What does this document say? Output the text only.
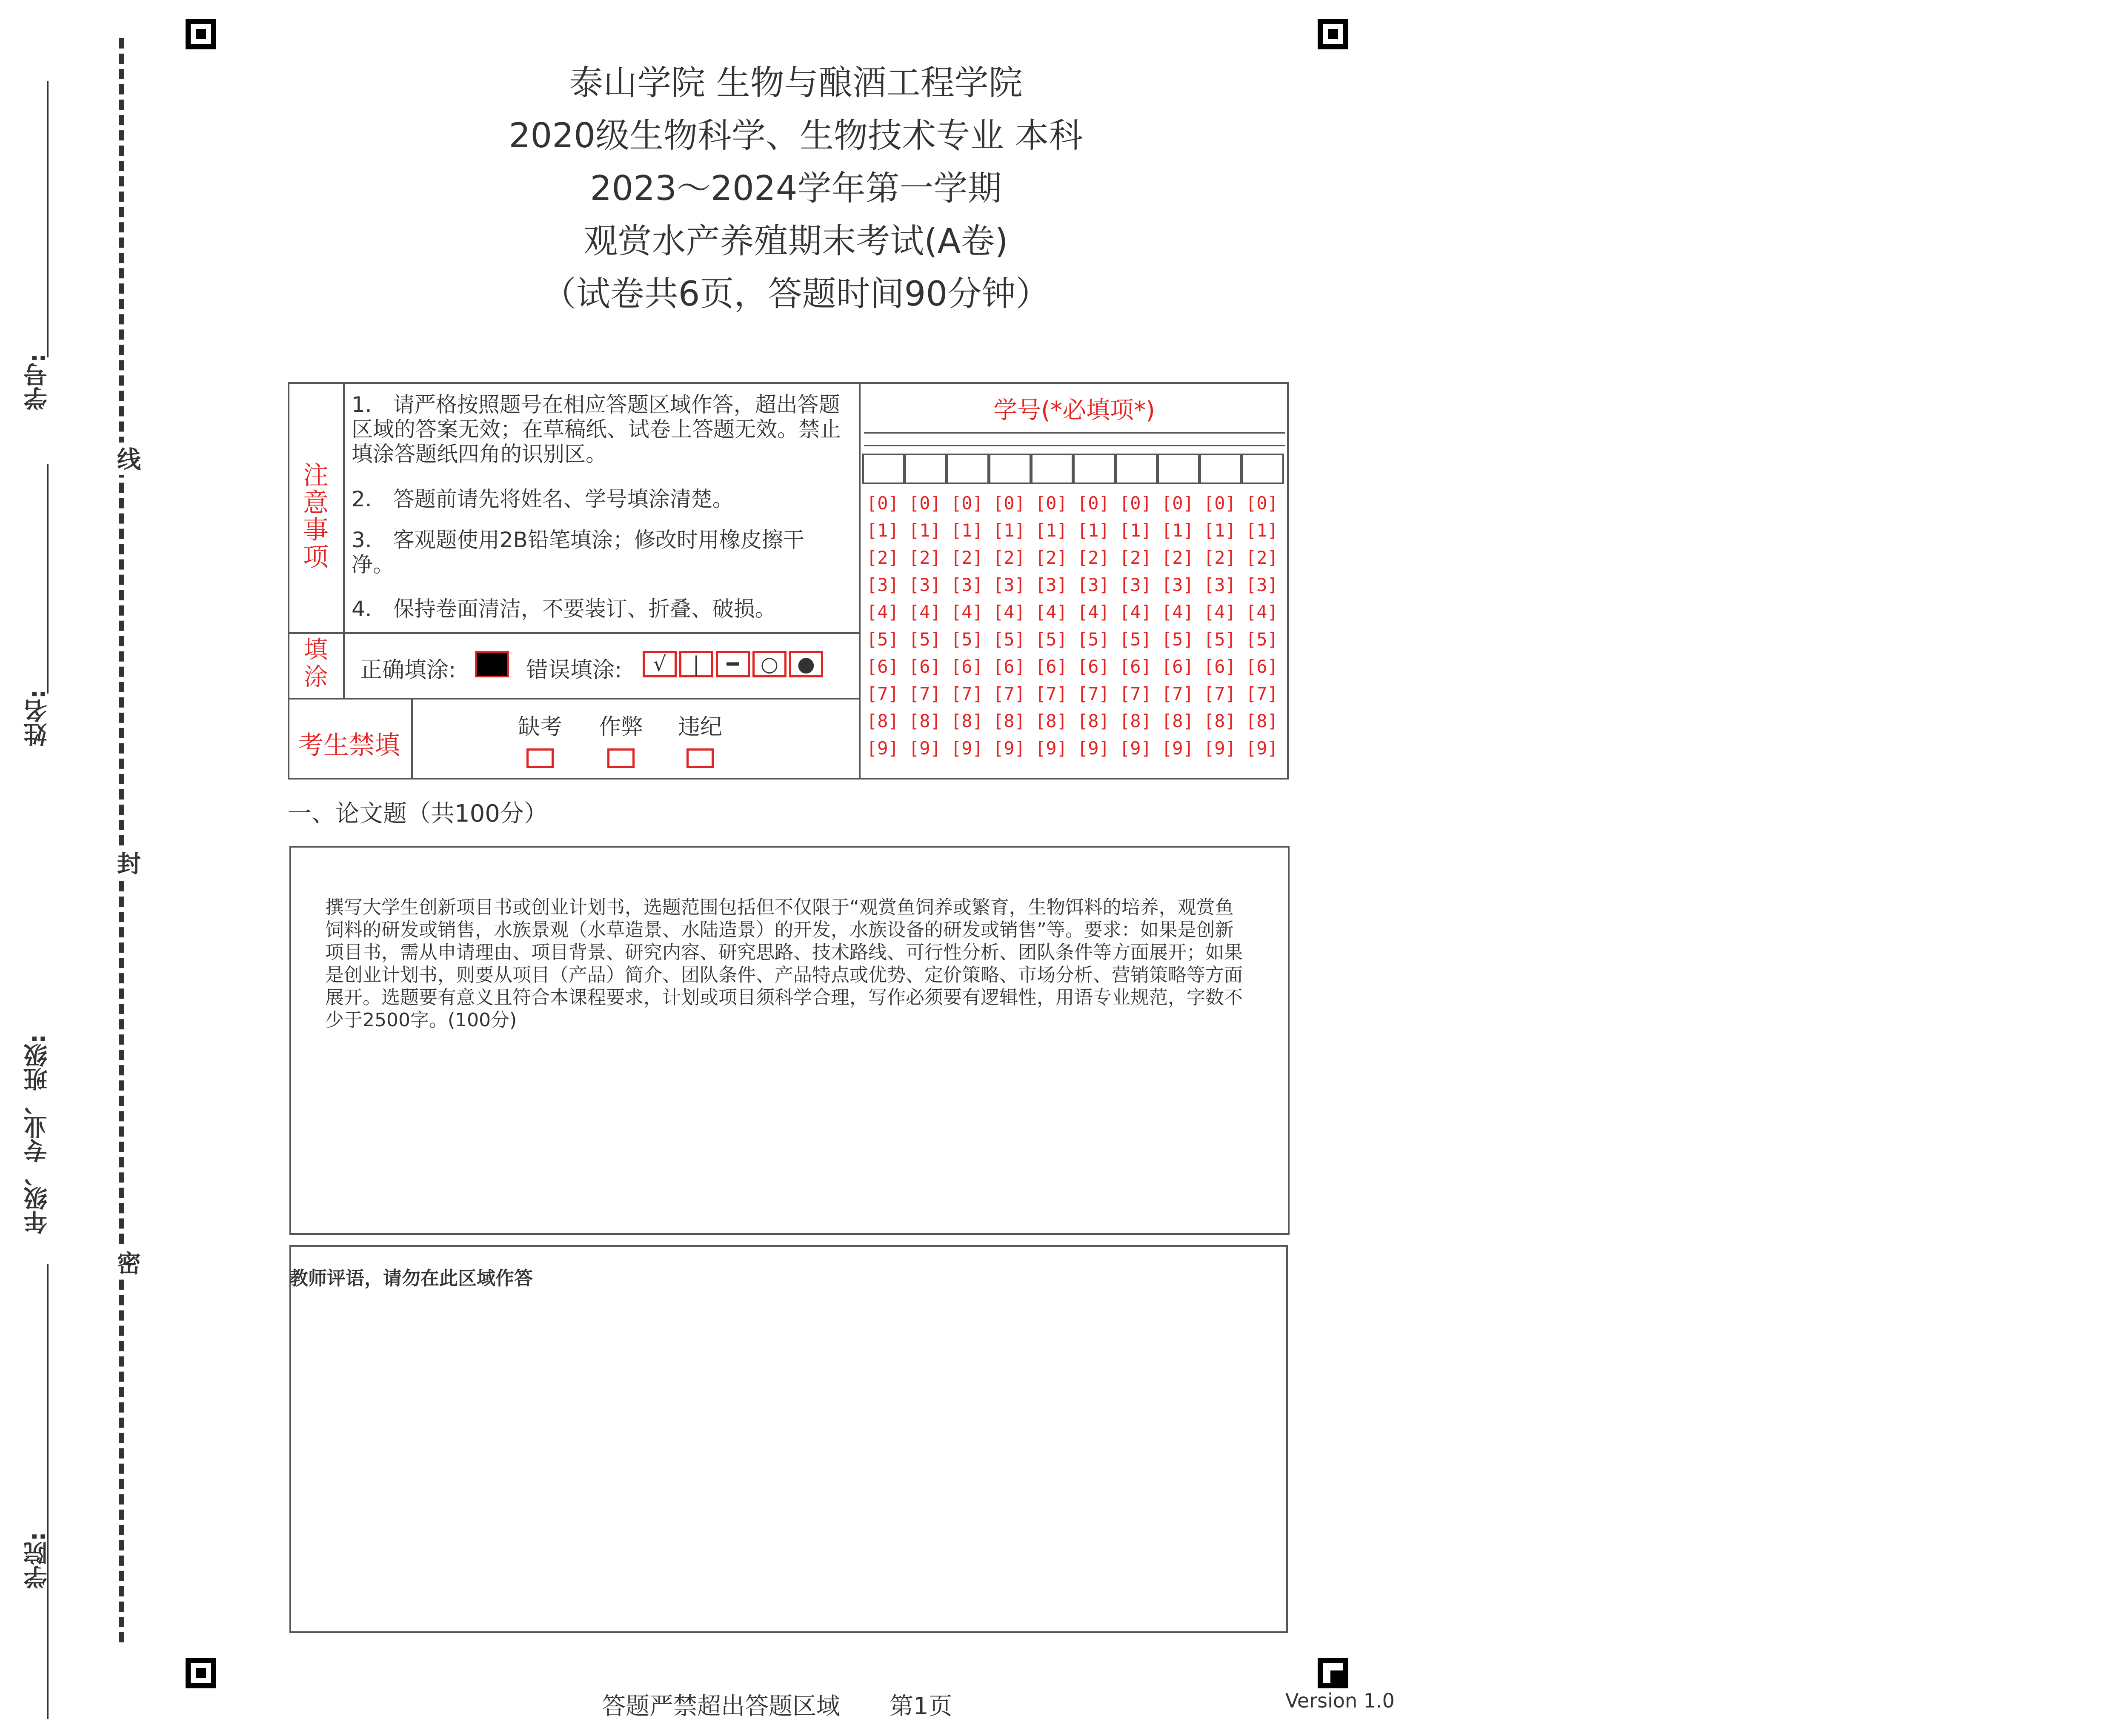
学号:
姓名:
年级、专业、班级:
学院:
线
封
密
泰山学院 生物与酿酒工程学院
2020级生物科学、生物技术专业 本科
2023～2024学年第一学期
观赏水产养殖期末考试(A卷)
（试卷共6页，答题时间90分钟）
注意事项
1.　请严格按照题号在相应答题区域作答，超出答题区域的答案无效；在草稿纸、试卷上答题无效。禁止填涂答题纸四角的识别区。
2.　答题前请先将姓名、学号填涂清楚。
3.　客观题使用2B铅笔填涂；修改时用橡皮擦干净。
4.　保持卷面清洁，不要装订、折叠、破损。
填涂 正确填涂:	错误填涂:	√	|	━	○ ●
考生禁填
缺考 作弊 违纪
学号(*必填项*)
[0] [0] [0] [0] [0] [0] [0] [0] [0] [0]
[1] [1] [1] [1] [1] [1] [1] [1] [1] [1]
[2] [2] [2] [2] [2] [2] [2] [2] [2] [2]
[3] [3] [3] [3] [3] [3] [3] [3] [3] [3]
[4] [4] [4] [4] [4] [4] [4] [4] [4] [4]
[5] [5] [5] [5] [5] [5] [5] [5] [5] [5]
[6] [6] [6] [6] [6] [6] [6] [6] [6] [6]
[7] [7] [7] [7] [7] [7] [7] [7] [7] [7]
[8] [8] [8] [8] [8] [8] [8] [8] [8] [8]
[9] [9] [9] [9] [9] [9] [9] [9] [9] [9]
一、论文题（共100分）
撰写大学生创新项目书或创业计划书，选题范围包括但不仅限于“观赏鱼饲养或繁育，生物饵料的培养，观赏鱼饲料的研发或销售，水族景观（水草造景、水陆造景）的开发，水族设备的研发或销售”等。要求：如果是创新项目书，需从申请理由、项目背景、研究内容、研究思路、技术路线、可行性分析、团队条件等方面展开；如果是创业计划书，则要从项目（产品）简介、团队条件、产品特点或优势、定价策略、市场分析、营销策略等方面展开。选题要有意义且符合本课程要求，计划或项目须科学合理，写作必须要有逻辑性，用语专业规范，字数不少于2500字。(100分)
教师评语，请勿在此区域作答
答题严禁超出答题区域 第1页	Version 1.0
